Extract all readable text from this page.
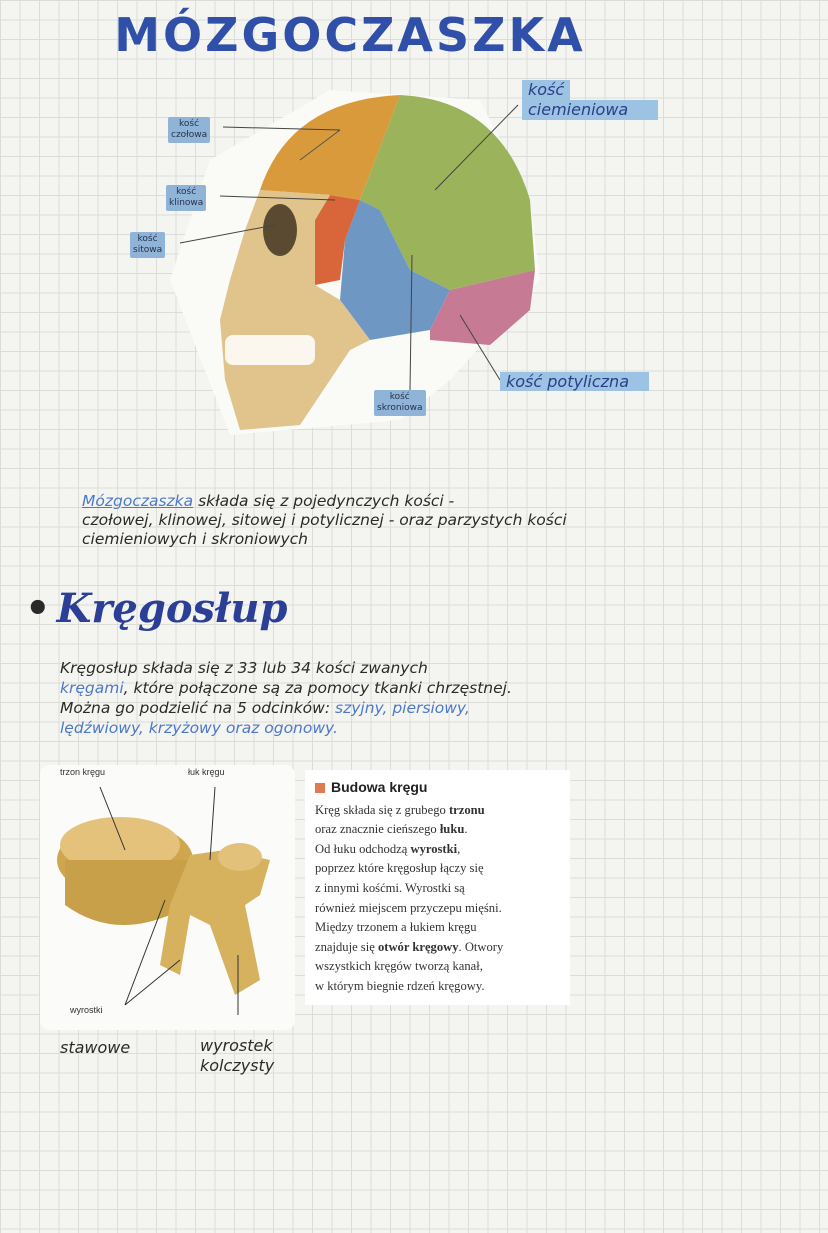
MÓZGOCZASZKA
kość
czołowa
kość
klinowa
kość
sitowa
kość
skroniowa
kość
ciemieniowa
kość potyliczna
Mózgoczaszka składa się z pojedynczych kości -
czołowej, klinowej, sitowej i potylicznej - oraz parzystych kości
ciemieniowych i skroniowych
• Kręgosłup
Kręgosłup składa się z 33 lub 34 kości zwanych
kręgami, które połączone są za pomocy tkanki chrzęstnej.
Można go podzielić na 5 odcinków: szyjny, piersiowy,
lędźwiowy, krzyżowy oraz ogonowy.
trzon kręgu	łuk kręgu
wyrostki
stawowe	wyrostek
kolczysty
Budowa kręgu
Kręg składa się z grubego trzonu
oraz znacznie cieńszego łuku.
Od łuku odchodzą wyrostki,
poprzez które kręgosłup łączy się
z innymi kośćmi. Wyrostki są
również miejscem przyczepu mięśni.
Między trzonem a łukiem kręgu
znajduje się otwór kręgowy. Otwory
wszystkich kręgów tworzą kanał,
w którym biegnie rdzeń kręgowy.
